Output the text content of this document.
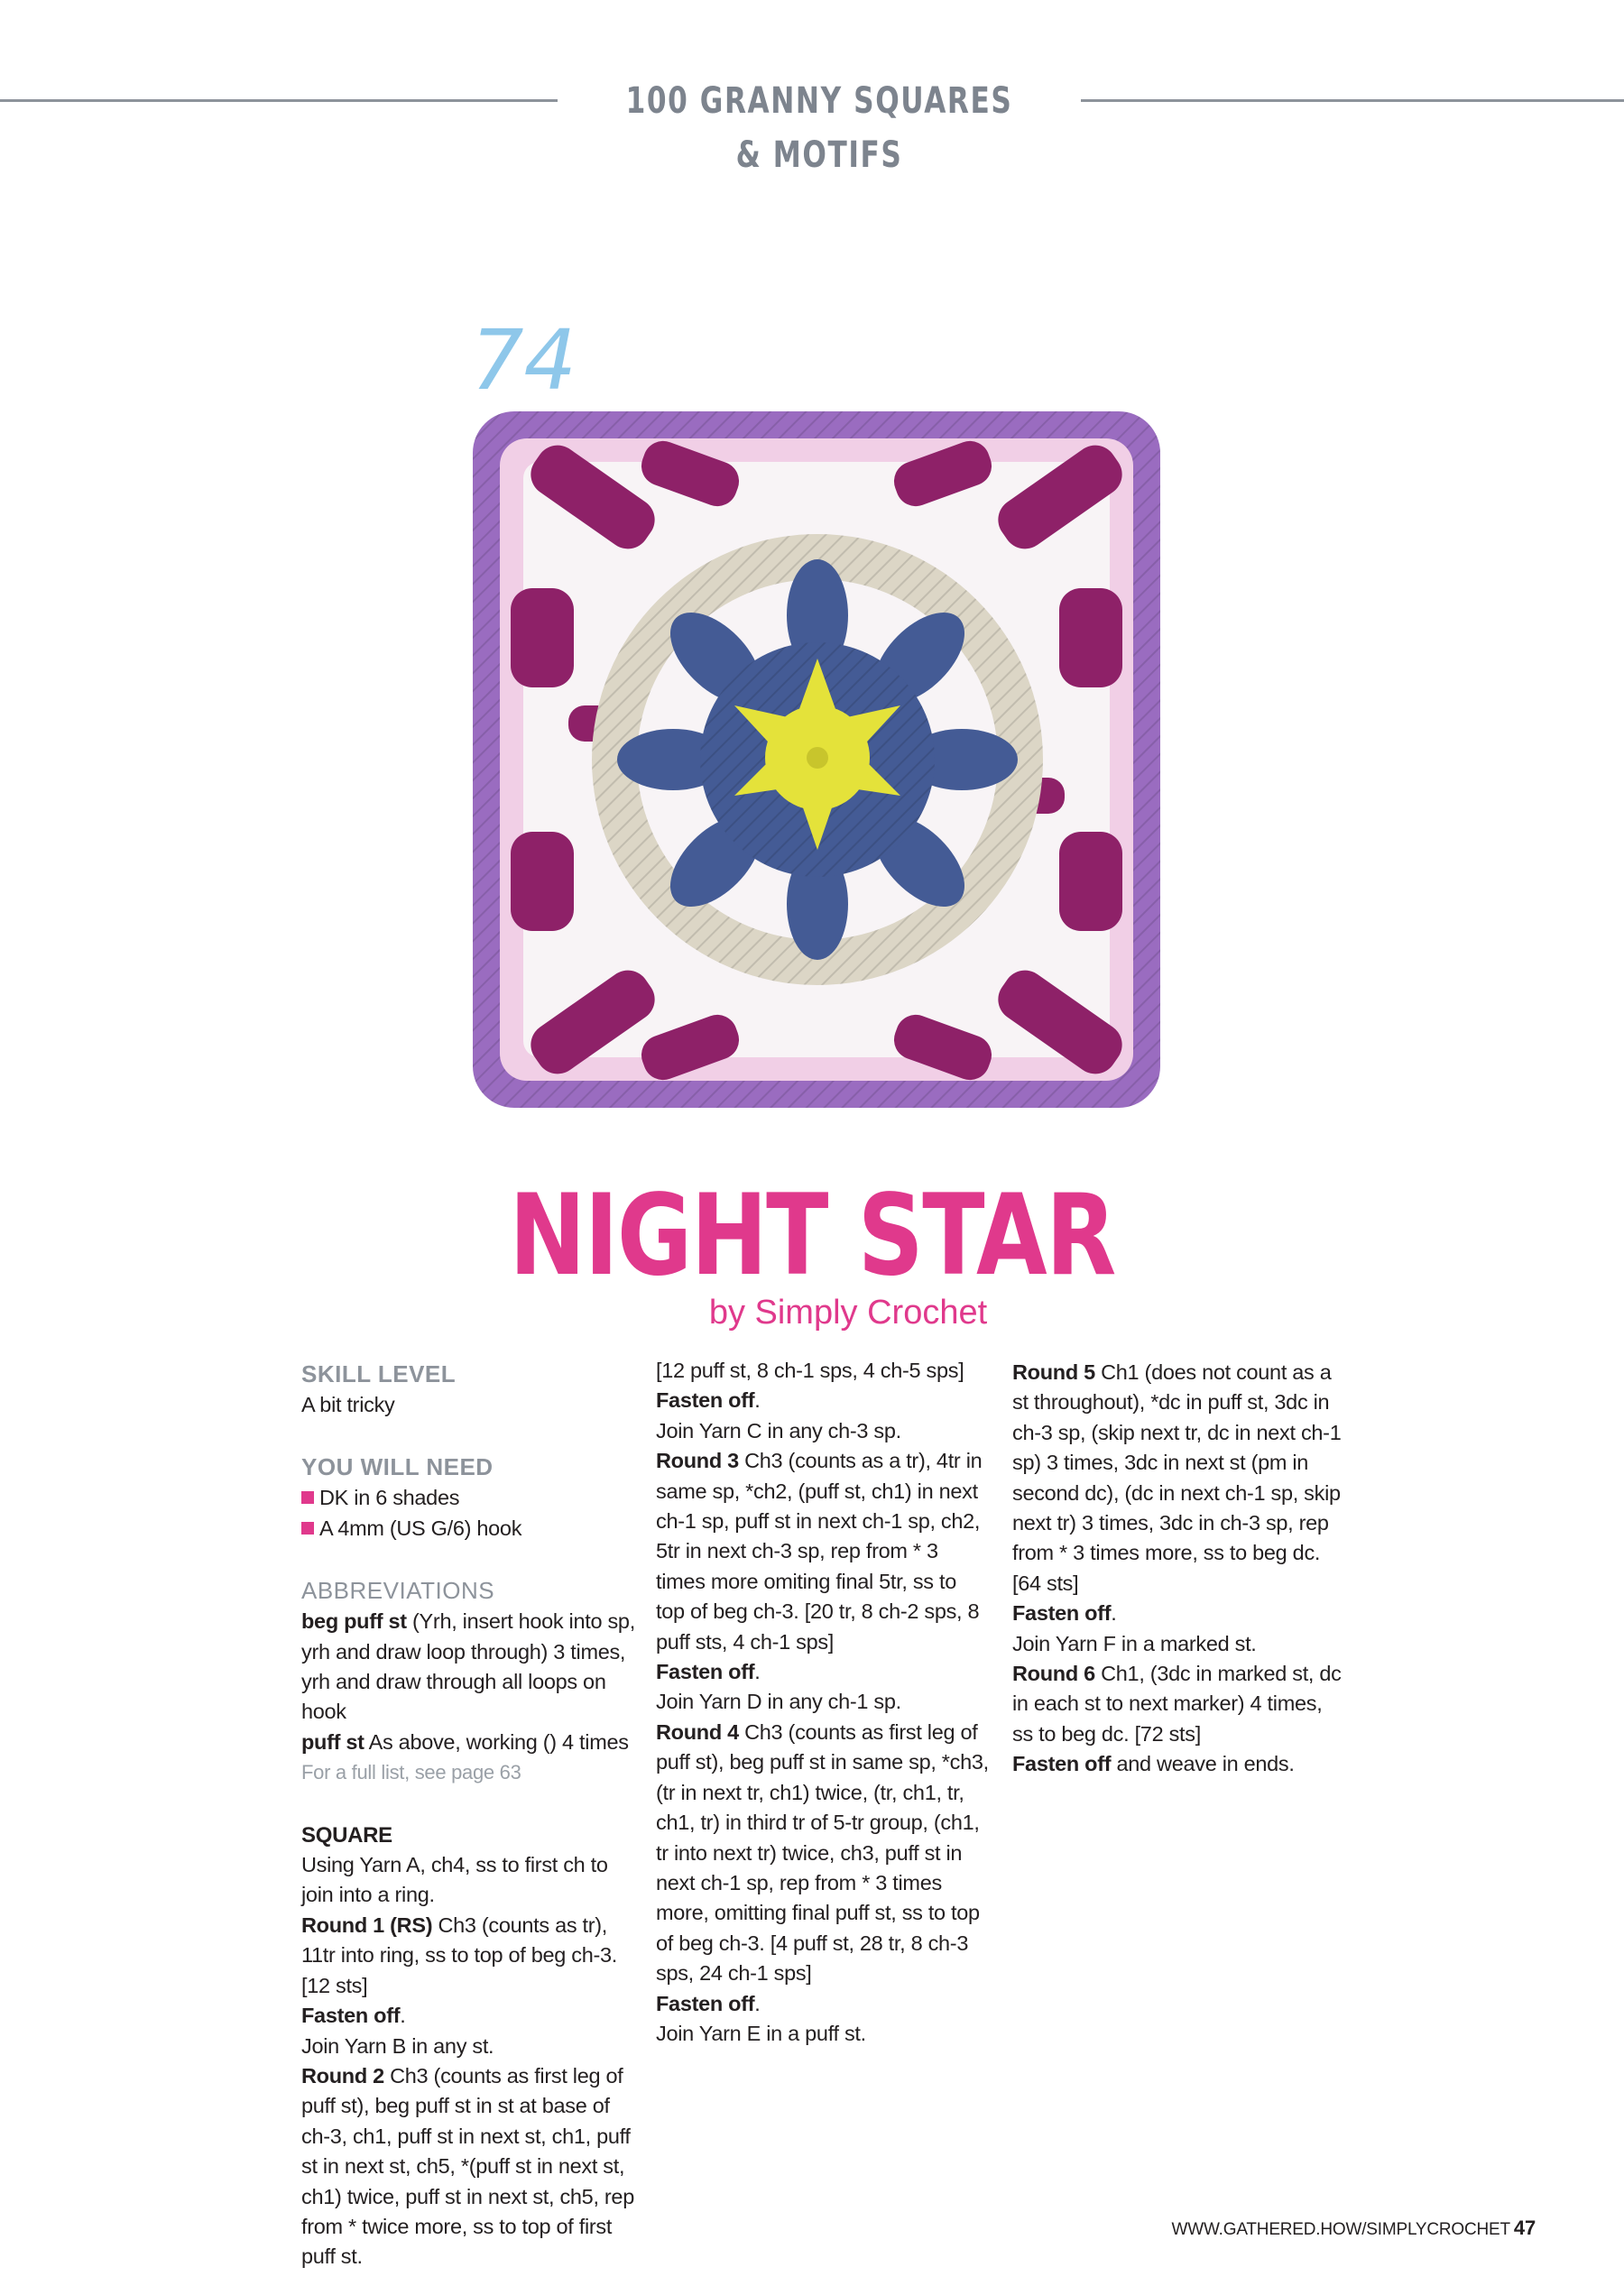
100 GRANNY SQUARES & MOTIFS
74
NIGHT STAR
by Simply Crochet
SKILL LEVEL

A bit tricky

YOU WILL NEED

DK in 6 shades

A 4mm (US G/6) hook

ABBREVIATIONS

beg puff st (Yrh, insert hook into sp, yrh and draw loop through) 3 times, yrh and draw through all loops on hook

puff st As above, working () 4 times

For a full list, see page 63

SQUARE

Using Yarn A, ch4, ss to first ch to join into a ring.

Round 1 (RS) Ch3 (counts as tr), 11tr into ring, ss to top of beg ch-3. [12 sts]

Fasten off.

Join Yarn B in any st.

Round 2 Ch3 (counts as first leg of puff st), beg puff st in st at base of ch-3, ch1, puff st in next st, ch1, puff st in next st, ch5, *(puff st in next st, ch1) twice, puff st in next st, ch5, rep from * twice more, ss to top of first puff st.

[12 puff st, 8 ch-1 sps, 4 ch-5 sps]

Fasten off.

Join Yarn C in any ch-3 sp.

Round 3 Ch3 (counts as a tr), 4tr in same sp, *ch2, (puff st, ch1) in next ch-1 sp, puff st in next ch-1 sp, ch2, 5tr in next ch-3 sp, rep from * 3 times more omiting final 5tr, ss to top of beg ch-3. [20 tr, 8 ch-2 sps, 8 puff sts, 4 ch-1 sps]

Fasten off.

Join Yarn D in any ch-1 sp.

Round 4 Ch3 (counts as first leg of puff st), beg puff st in same sp, *ch3, (tr in next tr, ch1) twice, (tr, ch1, tr, ch1, tr) in third tr of 5-tr group, (ch1, tr into next tr) twice, ch3, puff st in next ch-1 sp, rep from * 3 times more, omitting final puff st, ss to top of beg ch-3. [4 puff st, 28 tr, 8 ch-3 sps, 24 ch-1 sps]

Fasten off.

Join Yarn E in a puff st.

Round 5 Ch1 (does not count as a st throughout), *dc in puff st, 3dc in ch-3 sp, (skip next tr, dc in next ch-1 sp) 3 times, 3dc in next st (pm in second dc), (dc in next ch-1 sp, skip next tr) 3 times, 3dc in ch-3 sp, rep from * 3 times more, ss to beg dc. [64 sts]

Fasten off.

Join Yarn F in a marked st.

Round 6 Ch1, (3dc in marked st, dc in each st to next marker) 4 times, ss to beg dc. [72 sts]

Fasten off and weave in ends.

WWW.GATHERED.HOW/SIMPLYCROCHET 47
